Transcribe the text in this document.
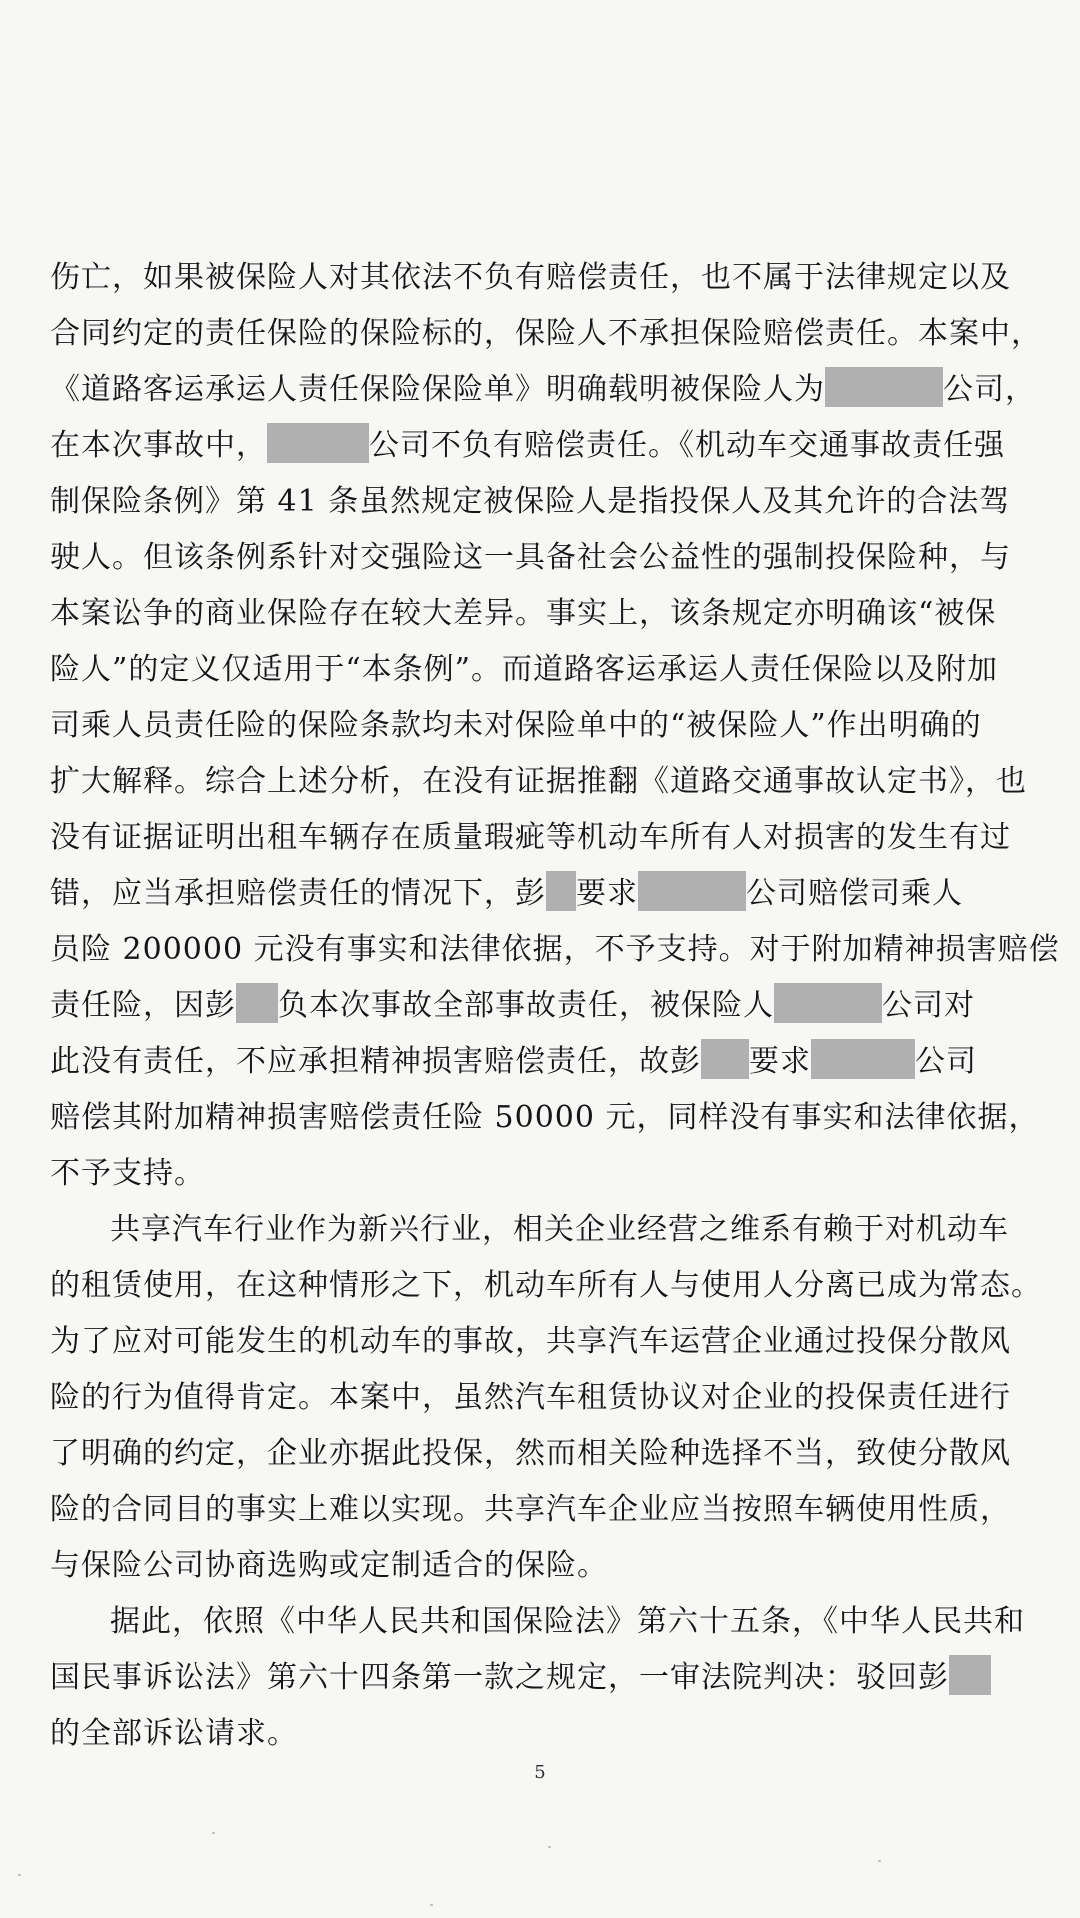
伤亡，如果被保险人对其依法不负有赔偿责任，也不属于法律规定以及
合同约定的责任保险的保险标的，保险人不承担保险赔偿责任。本案中，
《道路客运承运人责任保险保险单》明确载明被保险人为	公司，
在本次事故中，	公司不负有赔偿责任。《机动车交通事故责任强
制保险条例》第 41 条虽然规定被保险人是指投保人及其允许的合法驾
驶人。但该条例系针对交强险这一具备社会公益性的强制投保险种，与
本案讼争的商业保险存在较大差异。事实上，该条规定亦明确该“被保
险人”的定义仅适用于“本条例”。而道路客运承运人责任保险以及附加
司乘人员责任险的保险条款均未对保险单中的“被保险人”作出明确的
扩大解释。综合上述分析，在没有证据推翻《道路交通事故认定书》，也
没有证据证明出租车辆存在质量瑕疵等机动车所有人对损害的发生有过
错，应当承担赔偿责任的情况下，彭 要求	公司赔偿司乘人
员险 200000 元没有事实和法律依据，不予支持。对于附加精神损害赔偿
责任险，因彭 负本次事故全部事故责任，被保险人	公司对
此没有责任，不应承担精神损害赔偿责任，故彭 要求	公司
赔偿其附加精神损害赔偿责任险 50000 元，同样没有事实和法律依据，
不予支持。

共享汽车行业作为新兴行业，相关企业经营之维系有赖于对机动车
的租赁使用，在这种情形之下，机动车所有人与使用人分离已成为常态。
为了应对可能发生的机动车的事故，共享汽车运营企业通过投保分散风
险的行为值得肯定。本案中，虽然汽车租赁协议对企业的投保责任进行
了明确的约定，企业亦据此投保，然而相关险种选择不当，致使分散风
险的合同目的事实上难以实现。共享汽车企业应当按照车辆使用性质，
与保险公司协商选购或定制适合的保险。

据此，依照《中华人民共和国保险法》第六十五条，《中华人民共和
国民事诉讼法》第六十四条第一款之规定，一审法院判决：驳回彭
的全部诉讼请求。

5
